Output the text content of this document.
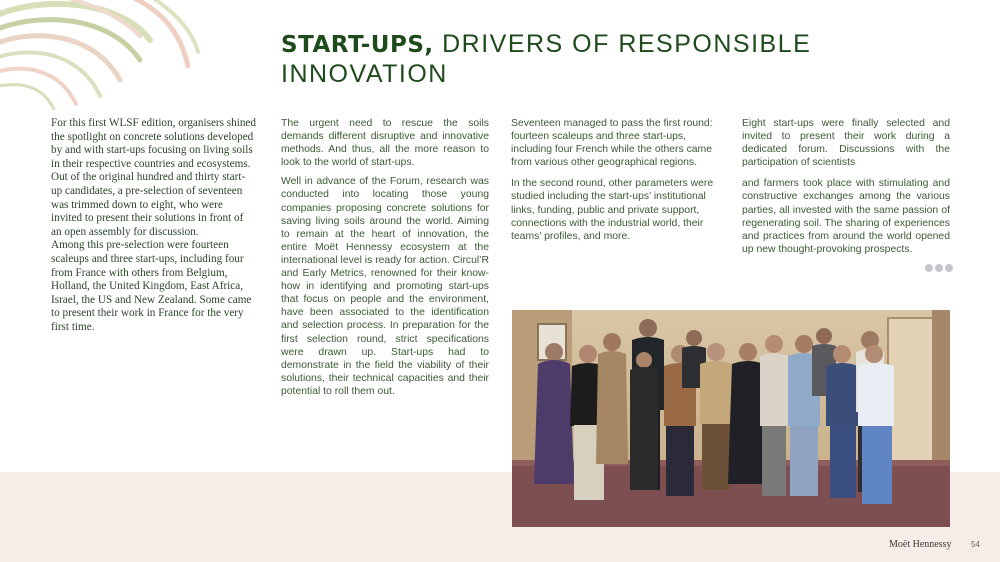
START-UPS, DRIVERS OF RESPONSIBLE INNOVATION

For this first WLSF edition, organisers shined the spotlight on concrete solutions developed by and with start-ups focusing on living soils in their respective countries and ecosystems. Out of the original hundred and thirty start-up candidates, a pre-selection of seventeen was trimmed down to eight, who were invited to present their solutions in front of an open assembly for discussion.

Among this pre-selection were fourteen scaleups and three start-ups, including four from France with others from Belgium, Holland, the United Kingdom, East Africa, Israel, the US and New Zealand. Some came to present their work in France for the very first time.

The urgent need to rescue the soils demands different disruptive and innovative methods. And thus, all the more reason to look to the world of start-ups.

Well in advance of the Forum, research was conducted into locating those young companies proposing concrete solutions for saving living soils around the world. Aiming to remain at the heart of innovation, the entire Moët Hennessy ecosystem at the international level is ready for action. Circul’R and Early Metrics, renowned for their know-how in identifying and promoting start-ups that focus on people and the environment, have been associated to the identification and selection process. In preparation for the first selection round, strict specifications were drawn up. Start-ups had to demonstrate in the field the viability of their solutions, their technical capacities and their potential to roll them out.

Seventeen managed to pass the first round: fourteen scaleups and three start-ups, including four French while the others came from various other geographical regions.

In the second round, other parameters were studied including the start-ups’ institutional links, funding, public and private support, connections with the industrial world, their teams’ profiles, and more.

Eight start-ups were finally selected and invited to present their work during a dedicated forum. Discussions with the participation of scientists

and farmers took place with stimulating and constructive exchanges among the various parties, all invested with the same passion of regenerating soil. The sharing of experiences and practices from around the world opened up new thought-provoking prospects.

Moët Hennessy 54
